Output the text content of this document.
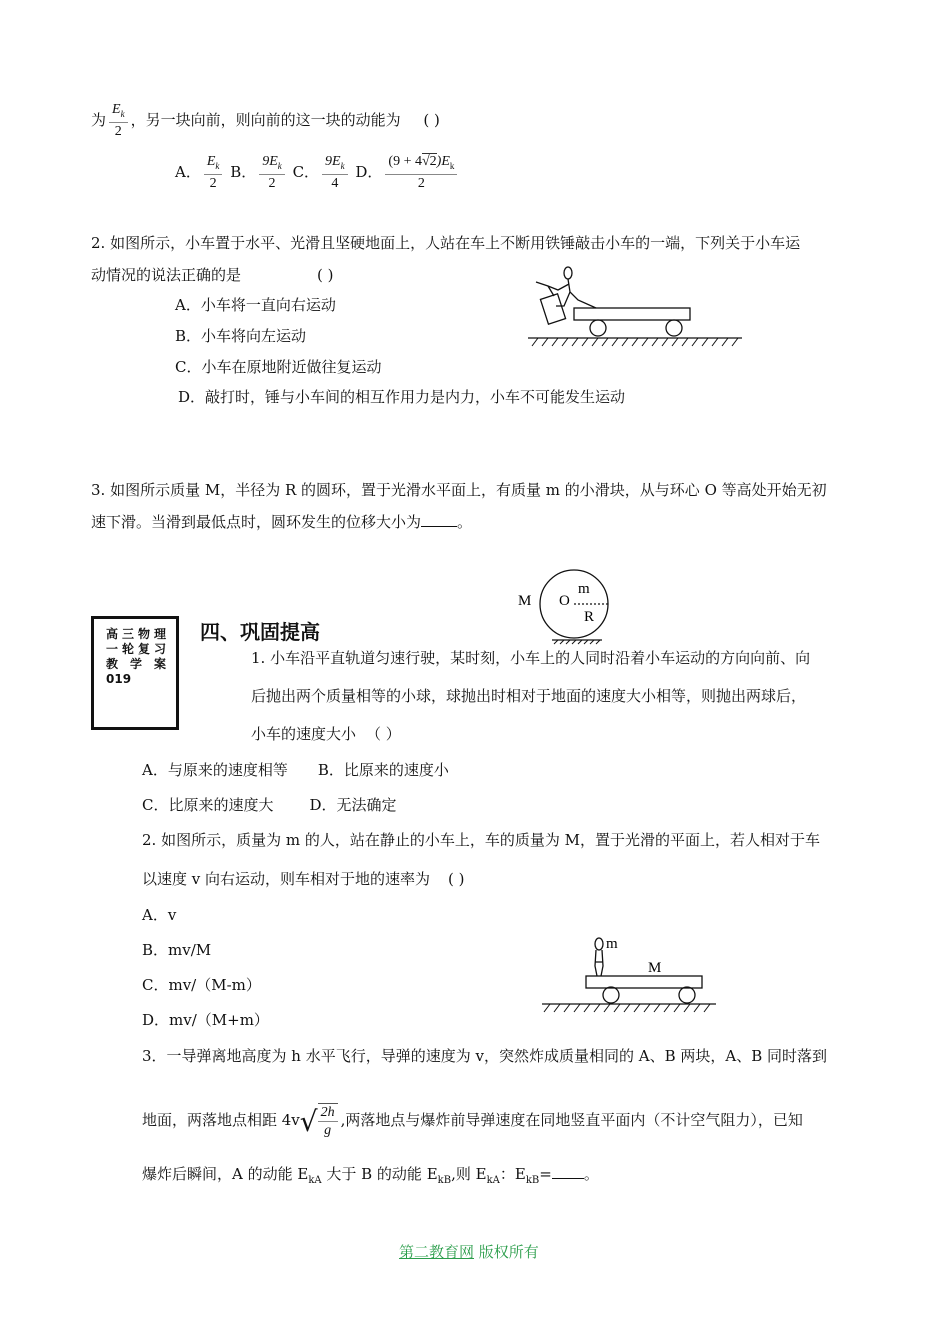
为 $\frac{E_k}{2}$ ，另一块向前，则向前的这一块的动能为 ( )
A． $\frac{E_k}{2}$ B． $\frac{9E_k}{2}$ C． $\frac{9E_k}{4}$ D． $\frac{(9 + 4√2)E_k}{2}$
2. 如图所示，小车置于水平、光滑且坚硬地面上，人站在车上不断用铁锤敲击小车的一端，下列关于小车运
动情况的说法正确的是	( )
A．小车将一直向右运动
B．小车将向左运动
C．小车在原地附近做往复运动
D．敲打时，锤与小车间的相互作用力是内力，小车不可能发生运动
3. 如图所示质量 M，半径为 R 的圆环，置于光滑水平面上，有质量 m 的小滑块，从与环心 O 等高处开始无初
速下滑。当滑到最低点时，圆环发生的位移大小为 。
M O
m
R
高三物理
一轮复习
教 学 案
019
四、巩固提高
1. 小车沿平直轨道匀速行驶，某时刻，小车上的人同时沿着小车运动的方向向前、向
后抛出两个质量相等的小球，球抛出时相对于地面的速度大小相等，则抛出两球后，
小车的速度大小 （ ）
A．与原来的速度相等 B．比原来的速度小
C．比原来的速度大 D．无法确定
2. 如图所示，质量为 m 的人，站在静止的小车上，车的质量为 M，置于光滑的平面上，若人相对于车
以速度 v 向右运动，则车相对于地的速率为 ( )
A．v
B．mv/M
C．mv/（M-m）
D．mv/（M+m）
m
M
3．一导弹离地高度为 h 水平飞行，导弹的速度为 v，突然炸成质量相同的 A、B 两块，A、B 同时落到
地面，两落地点相距 $4v√ \frac{2h}{g}$ ,两落地点与爆炸前导弹速度在同地竖直平面内（不计空气阻力），已知
爆炸后瞬间，A 的动能 $E_{kA}$ 大于 B 的动能 $E_{kB}$,则 $E_{kA}$：$E_{kB}=$ 。
第二教育网 版权所有
